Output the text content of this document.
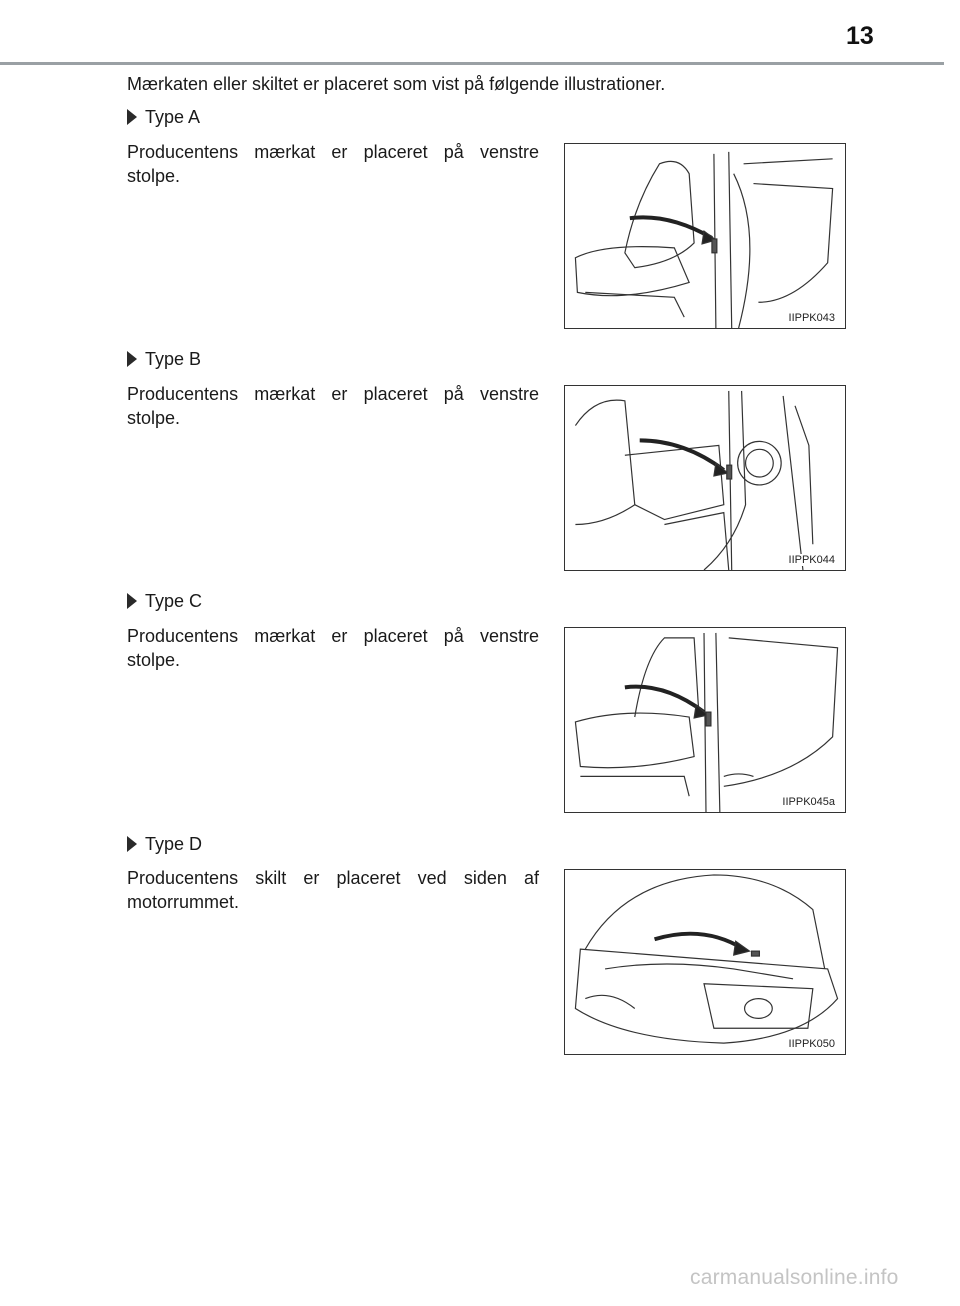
13
Mærkaten eller skiltet er placeret som vist på følgende illustrationer.
Type A
Producentens mærkat er placeret på venstre stolpe.
IIPPK043
Type B
Producentens mærkat er placeret på venstre stolpe.
IIPPK044
Type C
Producentens mærkat er placeret på venstre stolpe.
IIPPK045a
Type D
Producentens skilt er placeret ved siden af motorrummet.
IIPPK050
carmanualsonline.info
